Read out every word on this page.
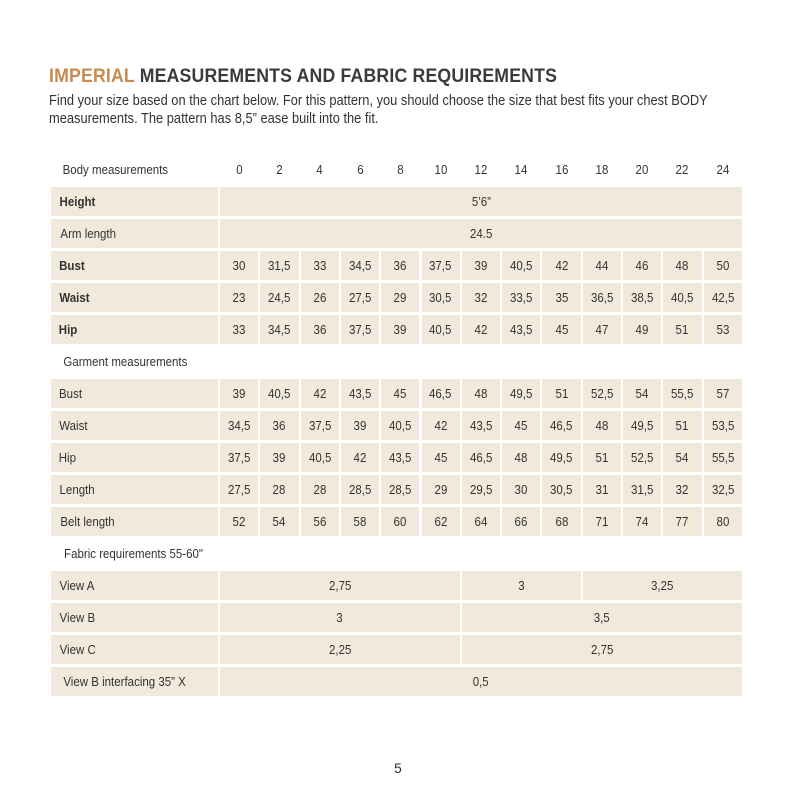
IMPERIAL MEASUREMENTS AND FABRIC REQUIREMENTS

Find your size based on the chart below. For this pattern, you should choose the size that best fits your chest BODY

measurements. The pattern has 8,5” ease built into the fit.

Body measurements	0	2	4	6	8 10 12 14 16 18 20 22 24
Height	5’6”
Arm length	24.5
Bust	30 31,5 33 34,5 36 37,5 39 40,5 42 44 46 48 50
Waist	23 24,5 26 27,5 29 30,5 32 33,5 35 36,5 38,5 40,5 42,5
Hip	33 34,5 36 37,5 39 40,5 42 43,5 45 47 49 51 53
Garment measurements
Bust	39 40,5 42 43,5 45 46,5 48 49,5 51 52,5 54 55,5 57
Waist	34,5 36 37,5 39 40,5 42 43,5 45 46,5 48 49,5 51 53,5
Hip	37,5 39 40,5 42 43,5 45 46,5 48 49,5 51 52,5 54 55,5
Length	27,5 28 28 28,5 28,5 29 29,5 30 30,5 31 31,5 32 32,5
Belt length	52 54 56 58 60 62 64 66 68 71 74 77 80
Fabric requirements 55-60"
View A	2,75	3	3,25
View B	3	3,5
View C	2,25	2,75
View B interfacing 35” X	0,5
5
